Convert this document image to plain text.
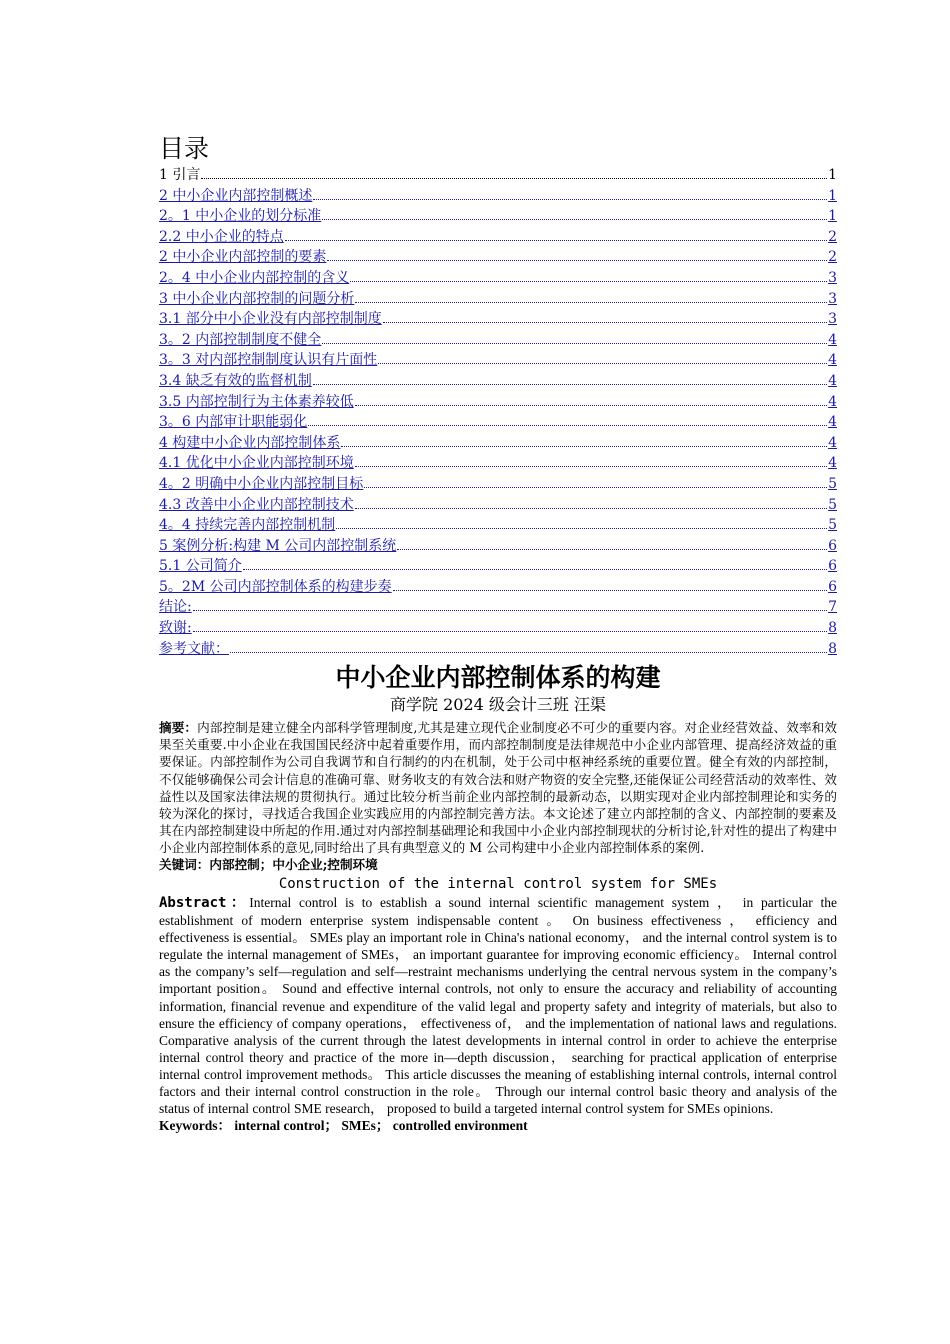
目录
1 引言	1
2 中小企业内部控制概述	1
2。1 中小企业的划分标准	1
2.2 中小企业的特点	2
2 中小企业内部控制的要素	2
2。4 中小企业内部控制的含义	3
3 中小企业内部控制的问题分析	3
3.1 部分中小企业没有内部控制制度	3
3。2 内部控制制度不健全	4
3。3 对内部控制制度认识有片面性	4
3.4 缺乏有效的监督机制	4
3.5 内部控制行为主体素养较低	4
3。6 内部审计职能弱化	4
4 构建中小企业内部控制体系	4
4.1 优化中小企业内部控制环境	4
4。2 明确中小企业内部控制目标	5
4.3 改善中小企业内部控制技术	5
4。4 持续完善内部控制机制	5
5 案例分析:构建 M 公司内部控制系统	6
5.1 公司简介	6
5。2M 公司内部控制体系的构建步奏	6
结论:	7
致谢:	8
参考文献：	8
中小企业内部控制体系的构建

商学院 2024 级会计三班 汪渠

摘要：内部控制是建立健全内部科学管理制度,尤其是建立现代企业制度必不可少的重要内容。对企业经营效益、效率和效果至关重要.中小企业在我国国民经济中起着重要作用，而内部控制制度是法律规范中小企业内部管理、提高经济效益的重要保证。内部控制作为公司自我调节和自行制约的内在机制，处于公司中枢神经系统的重要位置。健全有效的内部控制，不仅能够确保公司会计信息的准确可靠、财务收支的有效合法和财产物资的安全完整,还能保证公司经营活动的效率性、效益性以及国家法律法规的贯彻执行。通过比较分析当前企业内部控制的最新动态，以期实现对企业内部控制理论和实务的较为深化的探讨，寻找适合我国企业实践应用的内部控制完善方法。本文论述了建立内部控制的含义、内部控制的要素及其在内部控制建设中所起的作用.通过对内部控制基础理论和我国中小企业内部控制现状的分析讨论,针对性的提出了构建中小企业内部控制体系的意见,同时给出了具有典型意义的 M 公司构建中小企业内部控制体系的案例.

关键词：内部控制；中小企业;控制环境

Construction of the internal control system for SMEs

Abstract：Internal control is to establish a sound internal scientific management system ， in particular the establishment of modern enterprise system indispensable content 。 On business effectiveness ， efficiency and effectiveness is essential。 SMEs play an important role in China's national economy， and the internal control system is to regulate the internal management of SMEs， an important guarantee for improving economic efficiency。 Internal control as the company’s self—regulation and self—restraint mechanisms underlying the central nervous system in the company’s important position。 Sound and effective internal controls, not only to ensure the accuracy and reliability of accounting information, financial revenue and expenditure of the valid legal and property safety and integrity of materials, but also to ensure the efficiency of company operations， effectiveness of， and the implementation of national laws and regulations. Comparative analysis of the current through the latest developments in internal control in order to achieve the enterprise internal control theory and practice of the more in—depth discussion， searching for practical application of enterprise internal control improvement methods。 This article discusses the meaning of establishing internal controls, internal control factors and their internal control construction in the role。 Through our internal control basic theory and analysis of the status of internal control SME research， proposed to build a targeted internal control system for SMEs opinions.

Keywords： internal control； SMEs； controlled environment
